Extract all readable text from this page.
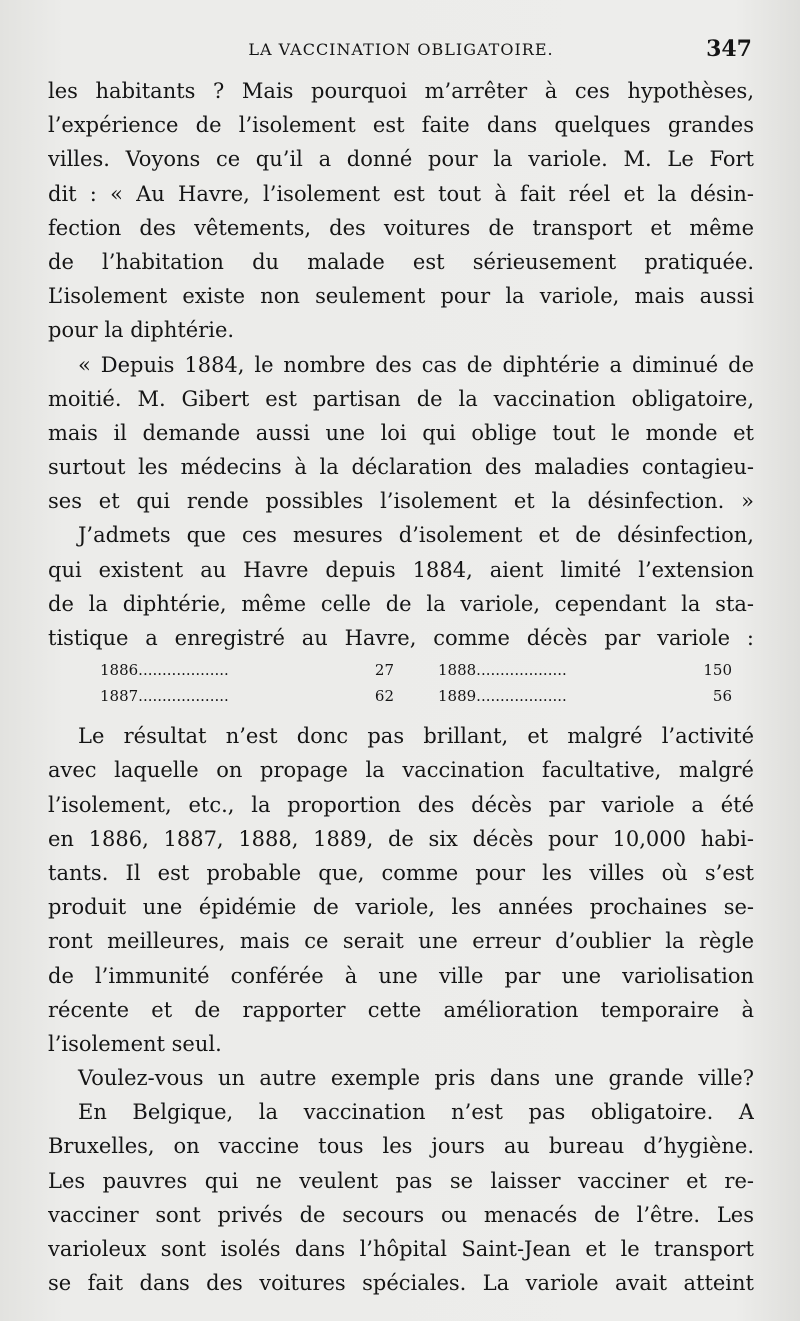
LA VACCINATION OBLIGATOIRE.	347
les habitants ? Mais pourquoi m’arrêter à ces hypothèses,
l’expérience de l’isolement est faite dans quelques grandes
villes. Voyons ce qu’il a donné pour la variole. M. Le Fort
dit : « Au Havre, l’isolement est tout à fait réel et la désin-
fection des vêtements, des voitures de transport et même
de l’habitation du malade est sérieusement pratiquée.
L’isolement existe non seulement pour la variole, mais aussi
pour la diphtérie.
« Depuis 1884, le nombre des cas de diphtérie a diminué de
moitié. M. Gibert est partisan de la vaccination obligatoire,
mais il demande aussi une loi qui oblige tout le monde et
surtout les médecins à la déclaration des maladies contagieu-
ses et qui rende possibles l’isolement et la désinfection. »
J’admets que ces mesures d’isolement et de désinfection,
qui existent au Havre depuis 1884, aient limité l’extension
de la diphtérie, même celle de la variole, cependant la sta-
tistique a enregistré au Havre, comme décès par variole :
1886...................	27	1888...................	150
1887...................	62	1889...................	56
Le résultat n’est donc pas brillant, et malgré l’activité
avec laquelle on propage la vaccination facultative, malgré
l’isolement, etc., la proportion des décès par variole a été
en 1886, 1887, 1888, 1889, de six décès pour 10,000 habi-
tants. Il est probable que, comme pour les villes où s’est
produit une épidémie de variole, les années prochaines se-
ront meilleures, mais ce serait une erreur d’oublier la règle
de l’immunité conférée à une ville par une variolisation
récente et de rapporter cette amélioration temporaire à
l’isolement seul.
Voulez-vous un autre exemple pris dans une grande ville?
En Belgique, la vaccination n’est pas obligatoire. A
Bruxelles, on vaccine tous les jours au bureau d’hygiène.
Les pauvres qui ne veulent pas se laisser vacciner et re-
vacciner sont privés de secours ou menacés de l’être. Les
varioleux sont isolés dans l’hôpital Saint-Jean et le transport
se fait dans des voitures spéciales. La variole avait atteint
